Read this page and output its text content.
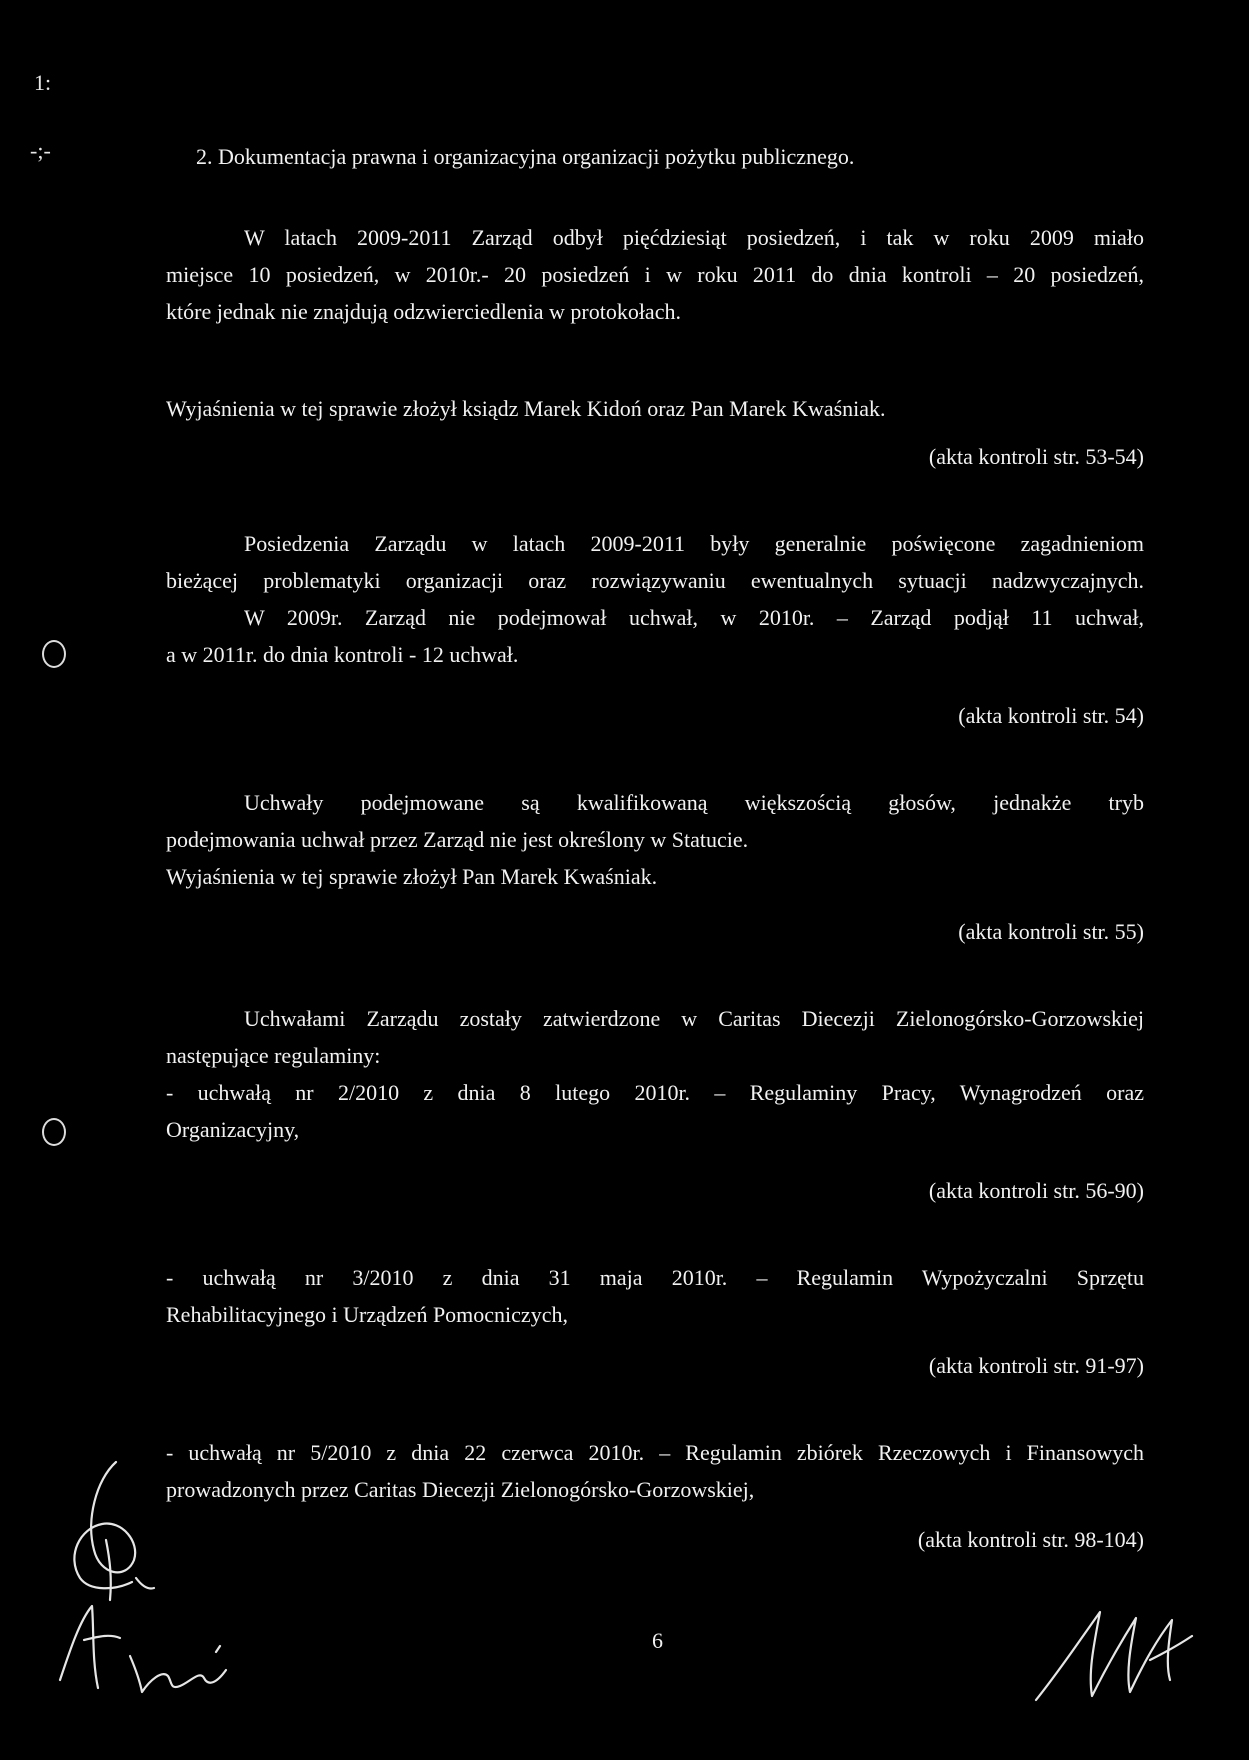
1:
-;-	2. Dokumentacja prawna i organizacyjna organizacji pożytku publicznego.
W latach 2009-2011 Zarząd odbył pięćdziesiąt posiedzeń, i tak w roku 2009 miało
miejsce 10 posiedzeń, w 2010r.- 20 posiedzeń i w roku 2011 do dnia kontroli – 20 posiedzeń,
które jednak nie znajdują odzwierciedlenia w protokołach.
Wyjaśnienia w tej sprawie złożył ksiądz Marek Kidoń oraz Pan Marek Kwaśniak.
(akta kontroli str. 53-54)
Posiedzenia Zarządu w latach 2009-2011 były generalnie poświęcone zagadnieniom
bieżącej problematyki organizacji oraz rozwiązywaniu ewentualnych sytuacji nadzwyczajnych.
W 2009r. Zarząd nie podejmował uchwał, w 2010r. – Zarząd podjął 11 uchwał,
a w 2011r. do dnia kontroli - 12 uchwał.
(akta kontroli str. 54)
Uchwały podejmowane są kwalifikowaną większością głosów, jednakże tryb
podejmowania uchwał przez Zarząd nie jest określony w Statucie.
Wyjaśnienia w tej sprawie złożył Pan Marek Kwaśniak.
(akta kontroli str. 55)
Uchwałami Zarządu zostały zatwierdzone w Caritas Diecezji Zielonogórsko-Gorzowskiej
następujące regulaminy:
- uchwałą nr 2/2010 z dnia 8 lutego 2010r. – Regulaminy Pracy, Wynagrodzeń oraz
Organizacyjny,
(akta kontroli str. 56-90)
- uchwałą nr 3/2010 z dnia 31 maja 2010r. – Regulamin Wypożyczalni Sprzętu
Rehabilitacyjnego i Urządzeń Pomocniczych,
(akta kontroli str. 91-97)
- uchwałą nr 5/2010 z dnia 22 czerwca 2010r. – Regulamin zbiórek Rzeczowych i Finansowych
prowadzonych przez Caritas Diecezji Zielonogórsko-Gorzowskiej,
(akta kontroli str. 98-104)
6
